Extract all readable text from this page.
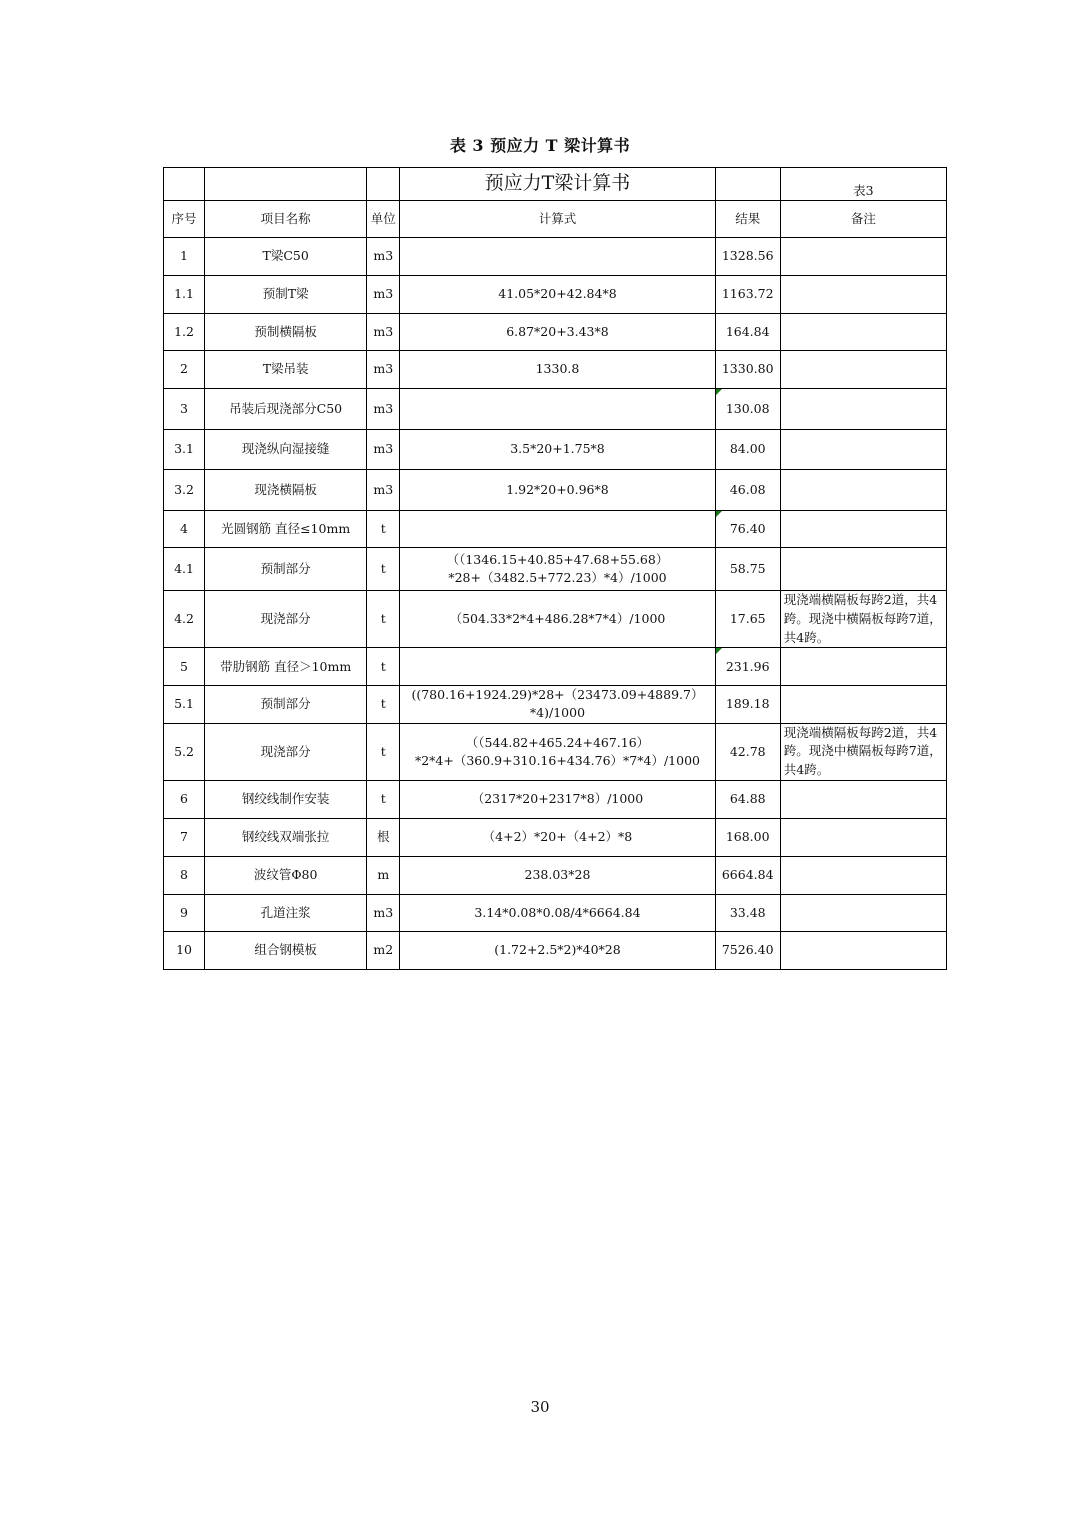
表 3 预应力 T 梁计算书
			预应力T梁计算书		表3
序号	项目名称	单位	计算式	结果	备注
1	T梁C50	m3		1328.56	
1.1	预制T梁	m3	41.05*20+42.84*8	1163.72	
1.2	预制横隔板	m3	6.87*20+3.43*8	164.84	
2	T梁吊装	m3	1330.8	1330.80	
3	吊装后现浇部分C50	m3		130.08	
3.1	现浇纵向湿接缝	m3	3.5*20+1.75*8	84.00	
3.2	现浇横隔板	m3	1.92*20+0.96*8	46.08	
4	光圆钢筋 直径≤10mm	t		76.40	
4.1	预制部分	t	（（1346.15+40.85+47.68+55.68）*28+（3482.5+772.23）*4）/1000	58.75	
4.2	现浇部分	t	（504.33*2*4+486.28*7*4）/1000	17.65	现浇端横隔板每跨2道，共4跨。现浇中横隔板每跨7道，共4跨。
5	带肋钢筋 直径＞10mm	t		231.96	
5.1	预制部分	t	((780.16+1924.29)*28+（23473.09+4889.7）*4)/1000	189.18	
5.2	现浇部分	t	（（544.82+465.24+467.16）*2*4+（360.9+310.16+434.76）*7*4）/1000	42.78	现浇端横隔板每跨2道，共4跨。现浇中横隔板每跨7道，共4跨。
6	钢绞线制作安装	t	（2317*20+2317*8）/1000	64.88	
7	钢绞线双端张拉	根	（4+2）*20+（4+2）*8	168.00	
8	波纹管Φ80	m	238.03*28	6664.84	
9	孔道注浆	m3	3.14*0.08*0.08/4*6664.84	33.48	
10	组合钢模板	m2	(1.72+2.5*2)*40*28	7526.40	
30
